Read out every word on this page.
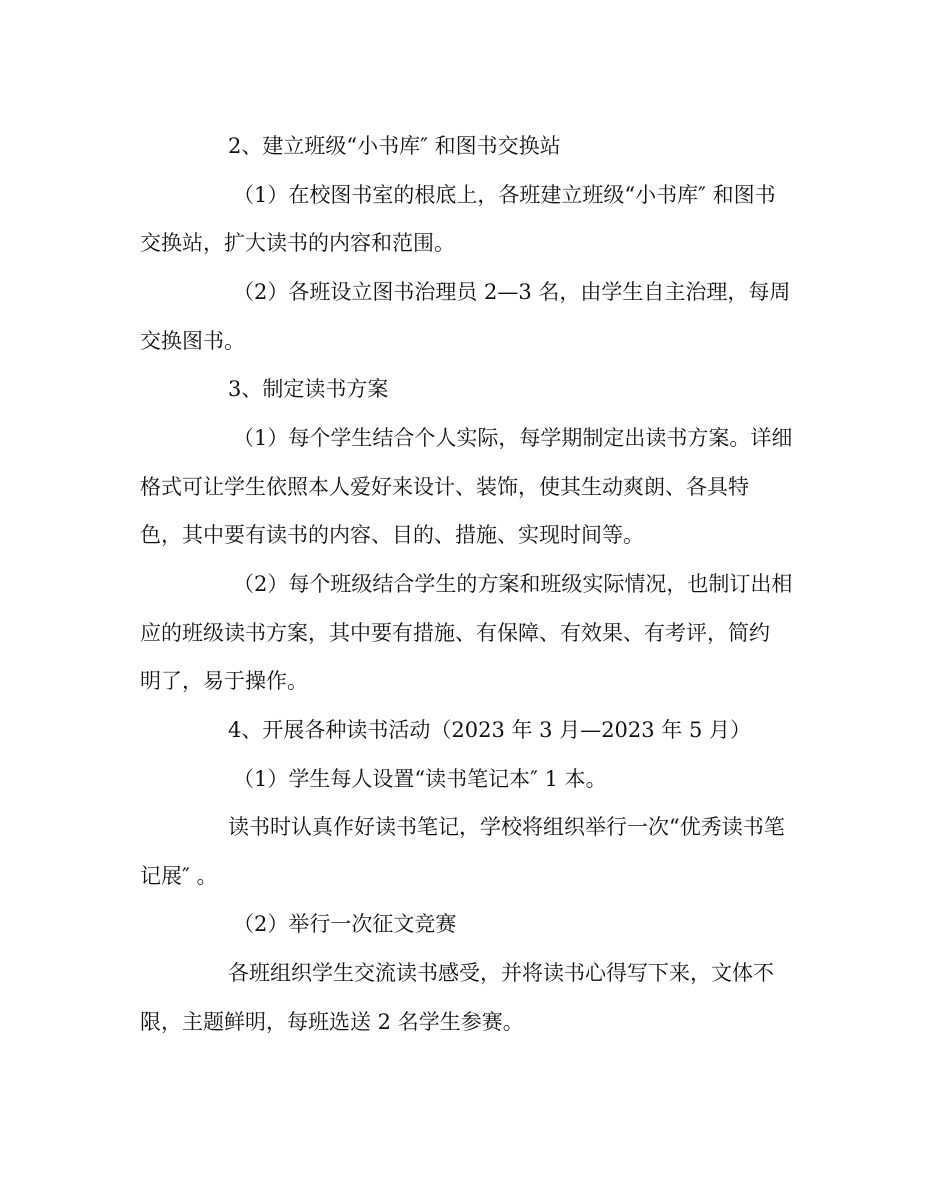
2、建立班级“小书库″ 和图书交换站
（1）在校图书室的根底上，各班建立班级“小书库″ 和图书
交换站，扩大读书的内容和范围。
（2）各班设立图书治理员 2—3 名，由学生自主治理，每周
交换图书。
3、制定读书方案
（1）每个学生结合个人实际，每学期制定出读书方案。详细
格式可让学生依照本人爱好来设计、装饰，使其生动爽朗、各具特
色，其中要有读书的内容、目的、措施、实现时间等。
（2）每个班级结合学生的方案和班级实际情况，也制订出相
应的班级读书方案，其中要有措施、有保障、有效果、有考评，简约
明了，易于操作。
4、开展各种读书活动（2023 年 3 月—2023 年 5 月）
（1）学生每人设置“读书笔记本″ 1 本。
读书时认真作好读书笔记，学校将组织举行一次“优秀读书笔
记展″ 。
（2）举行一次征文竞赛
各班组织学生交流读书感受，并将读书心得写下来，文体不
限，主题鲜明，每班选送 2 名学生参赛。
